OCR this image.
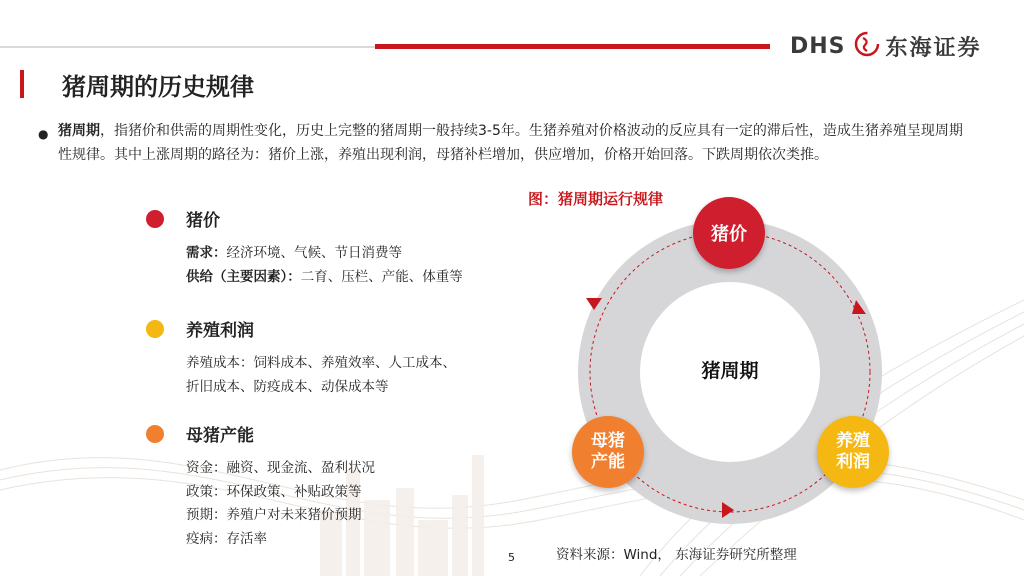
DHS 东海证券
猪周期的历史规律
● 猪周期，指猪价和供需的周期性变化，历史上完整的猪周期一般持续3-5年。生猪养殖对价格波动的反应具有一定的滞后性，造成生猪养殖呈现周期性规律。其中上涨周期的路径为：猪价上涨，养殖出现利润，母猪补栏增加，供应增加，价格开始回落。下跌周期依次类推。
猪价
需求：经济环境、气候、节日消费等
供给（主要因素）：二育、压栏、产能、体重等
养殖利润
养殖成本：饲料成本、养殖效率、人工成本、
折旧成本、防疫成本、动保成本等
母猪产能
资金：融资、现金流、盈利状况
政策：环保政策、补贴政策等
预期：养殖户对未来猪价预期
疫病：存活率
图：猪周期运行规律
猪周期
猪价
母猪
产能
养殖
利润
5	资料来源：Wind， 东海证券研究所整理
